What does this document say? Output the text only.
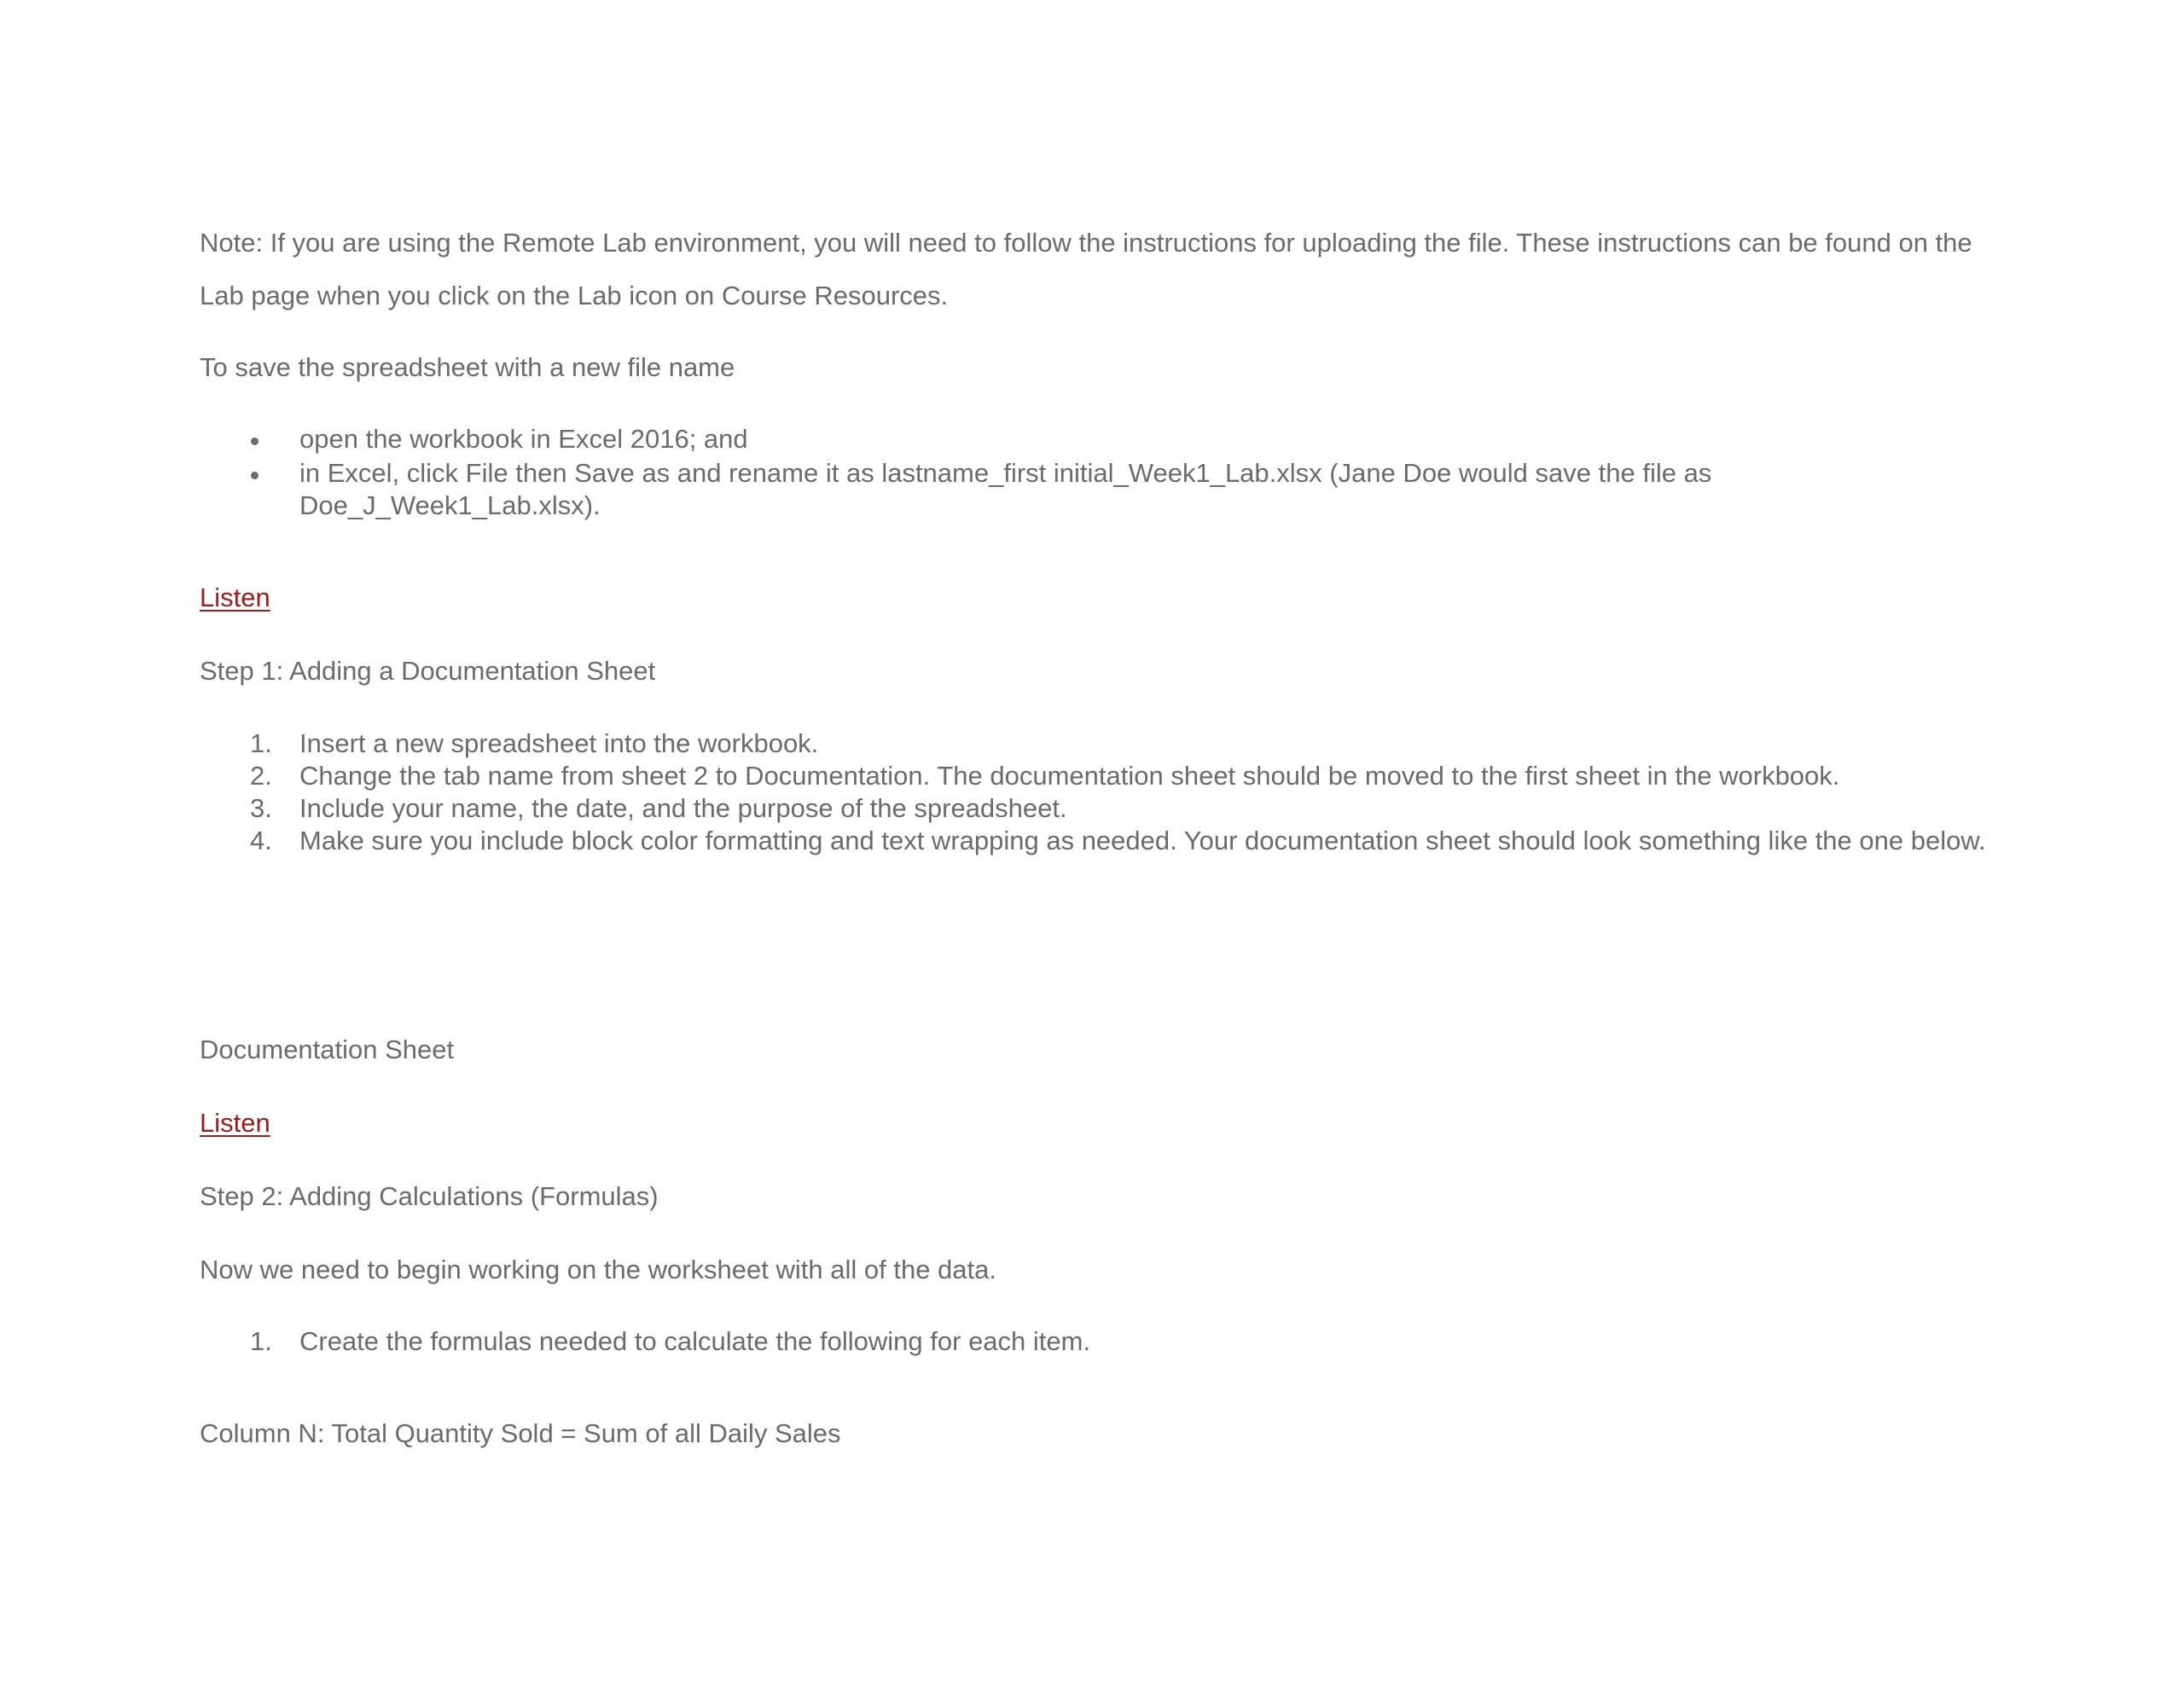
Note: If you are using the Remote Lab environment, you will need to follow the instructions for uploading the file. These instructions can be found on the Lab page when you click on the Lab icon on Course Resources.

To save the spreadsheet with a new file name

open the workbook in Excel 2016; and
in Excel, click File then Save as and rename it as lastname_first initial_Week1_Lab.xlsx (Jane Doe would save the file as Doe_J_Week1_Lab.xlsx).
Listen

Step 1: Adding a Documentation Sheet

1. Insert a new spreadsheet into the workbook.
2. Change the tab name from sheet 2 to Documentation. The documentation sheet should be moved to the first sheet in the workbook.
3. Include your name, the date, and the purpose of the spreadsheet.
4. Make sure you include block color formatting and text wrapping as needed. Your documentation sheet should look something like the one below.

Documentation Sheet

Listen

Step 2: Adding Calculations (Formulas)

Now we need to begin working on the worksheet with all of the data.

1. Create the formulas needed to calculate the following for each item.

Column N: Total Quantity Sold = Sum of all Daily Sales
